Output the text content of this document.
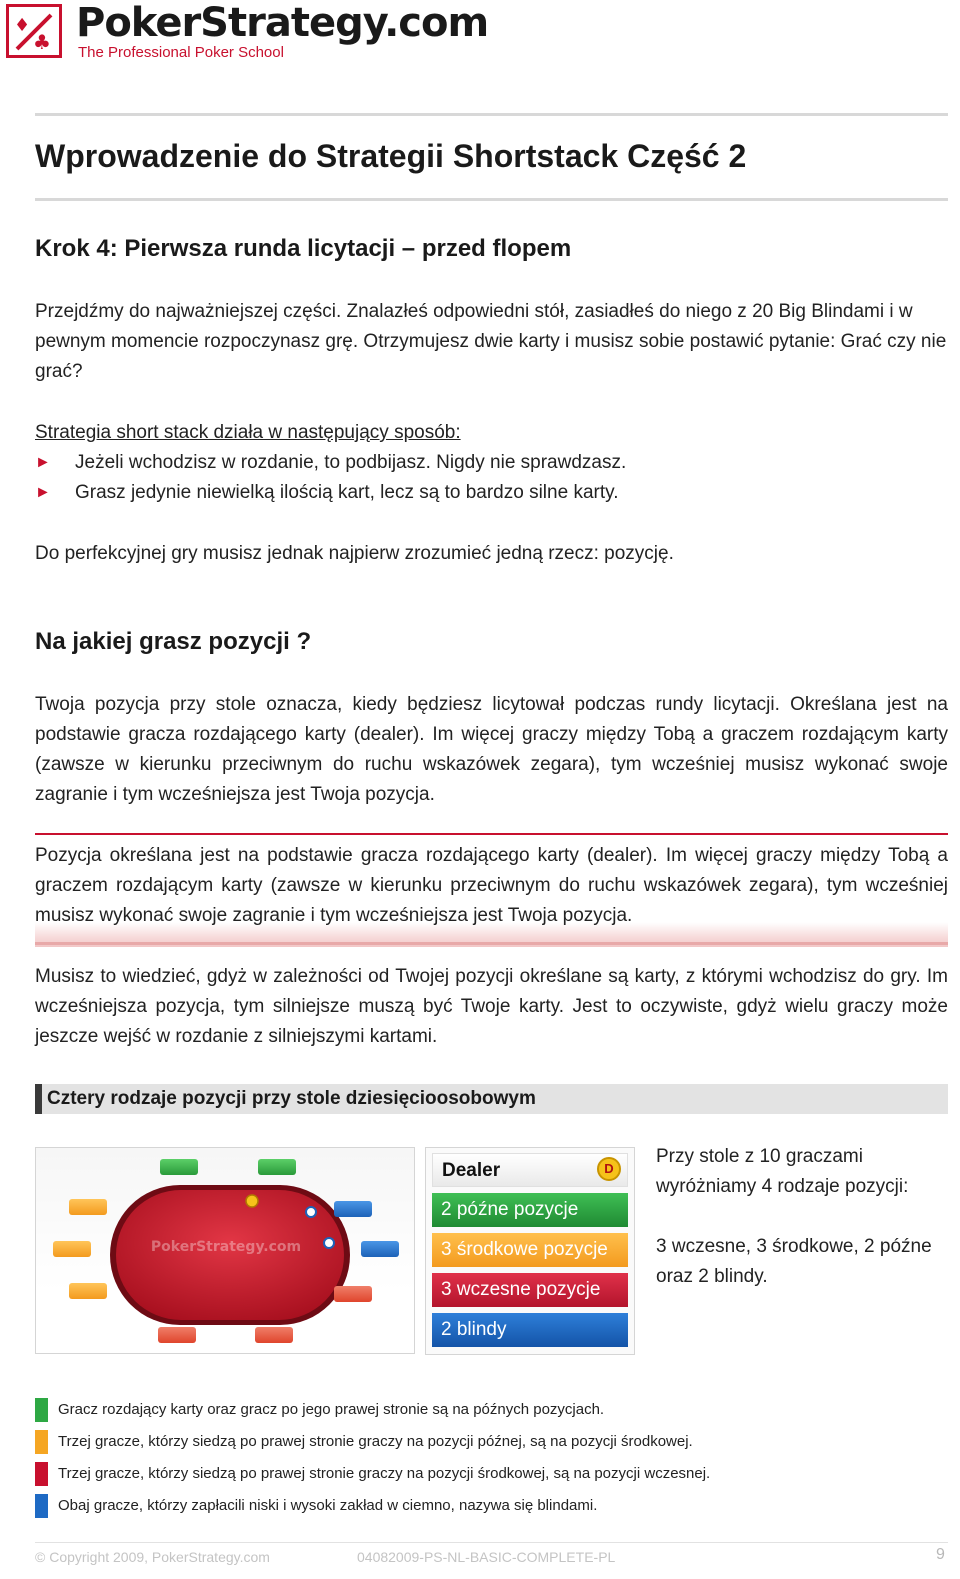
♦
♣ PokerStrategy.com
The Professional Poker School
Wprowadzenie do Strategii Shortstack Część 2
Krok 4: Pierwsza runda licytacji – przed flopem

Przejdźmy do najważniejszej części. Znalazłeś odpowiedni stół, zasiadłeś do niego z 20 Big Blindami i w pewnym momencie rozpoczynasz grę. Otrzymujesz dwie karty i musisz sobie postawić pytanie: Grać czy nie grać?

Strategia short stack działa w następujący sposób:
► Jeżeli wchodzisz w rozdanie, to podbijasz. Nigdy nie sprawdzasz.
► Grasz jedynie niewielką ilością kart, lecz są to bardzo silne karty.

Do perfekcyjnej gry musisz jednak najpierw zrozumieć jedną rzecz: pozycję.

Na jakiej grasz pozycji ?

Twoja pozycja przy stole oznacza, kiedy będziesz licytował podczas rundy licytacji. Określana jest na podstawie gracza rozdającego karty (dealer). Im więcej graczy między Tobą a graczem rozdającym karty (zawsze w kierunku przeciwnym do ruchu wskazówek zegara), tym wcześniej musisz wykonać swoje zagranie i tym wcześniejsza jest Twoja pozycja.

Pozycja określana jest na podstawie gracza rozdającego karty (dealer). Im więcej graczy między Tobą a graczem rozdającym karty (zawsze w kierunku przeciwnym do ruchu wskazówek zegara), tym wcześniej musisz wykonać swoje zagranie i tym wcześniejsza jest Twoja pozycja.

Musisz to wiedzieć, gdyż w zależności od Twojej pozycji określane są karty, z którymi wchodzisz do gry. Im wcześniejsza pozycja, tym silniejsze muszą być Twoje karty. Jest to oczywiste, gdyż wielu graczy może jeszcze wejść w rozdanie z silniejszymi kartami.

Cztery rodzaje pozycji przy stole dziesięcioosobowym
PokerStrategy.com
Dealer	D
2 późne pozycje
3 środkowe pozycje
3 wczesne pozycje
2 blindy
Przy stole z 10 graczami wyróżniamy 4 rodzaje pozycji:
3 wczesne, 3 środkowe, 2 późne oraz 2 blindy.
Gracz rozdający karty oraz gracz po jego prawej stronie są na późnych pozycjach.
Trzej gracze, którzy siedzą po prawej stronie graczy na pozycji późnej, są na pozycji środkowej.
Trzej gracze, którzy siedzą po prawej stronie graczy na pozycji środkowej, są na pozycji wczesnej.
Obaj gracze, którzy zapłacili niski i wysoki zakład w ciemno, nazywa się blindami.
© Copyright 2009, PokerStrategy.com	04082009-PS-NL-BASIC-COMPLETE-PL	9
